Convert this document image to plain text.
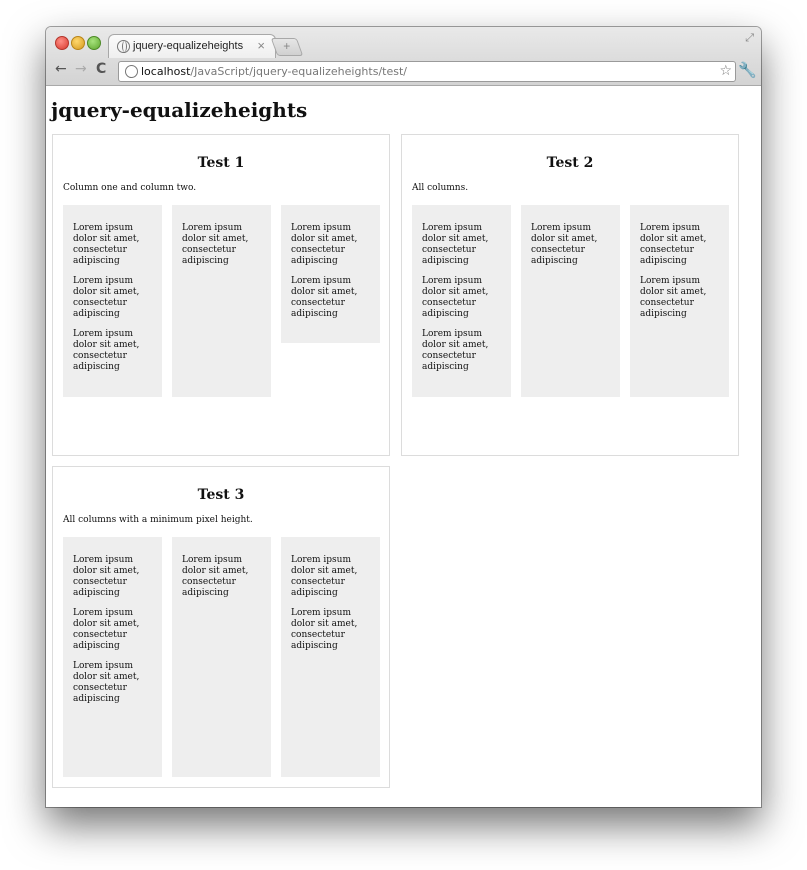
jquery-equalizeheights ×	+
⤢
← → C	localhost/JavaScript/jquery-equalizeheights/test/	☆ 🔧
jquery-equalizeheights
Test 1

Column one and column two.

Lorem ipsum dolor sit amet, consectetur adipiscing

Lorem ipsum dolor sit amet, consectetur adipiscing

Lorem ipsum dolor sit amet, consectetur adipiscing

Lorem ipsum dolor sit amet, consectetur adipiscing

Lorem ipsum dolor sit amet, consectetur adipiscing

Lorem ipsum dolor sit amet, consectetur adipiscing

Test 2

All columns.

Lorem ipsum dolor sit amet, consectetur adipiscing

Lorem ipsum dolor sit amet, consectetur adipiscing

Lorem ipsum dolor sit amet, consectetur adipiscing

Lorem ipsum dolor sit amet, consectetur adipiscing

Lorem ipsum dolor sit amet, consectetur adipiscing

Lorem ipsum dolor sit amet, consectetur adipiscing

Test 3

All columns with a minimum pixel height.

Lorem ipsum dolor sit amet, consectetur adipiscing

Lorem ipsum dolor sit amet, consectetur adipiscing

Lorem ipsum dolor sit amet, consectetur adipiscing

Lorem ipsum dolor sit amet, consectetur adipiscing

Lorem ipsum dolor sit amet, consectetur adipiscing

Lorem ipsum dolor sit amet, consectetur adipiscing
